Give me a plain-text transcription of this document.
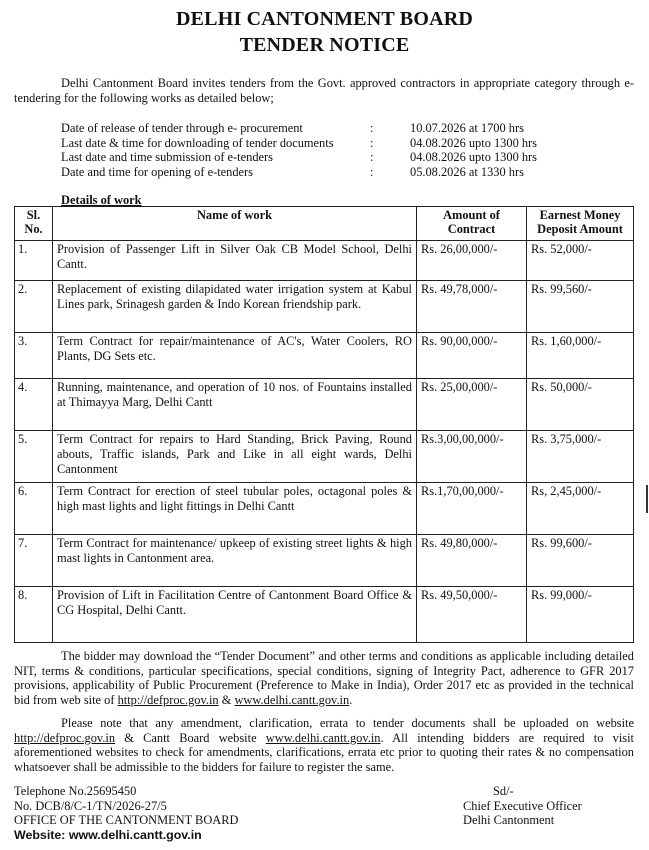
DELHI CANTONMENT BOARD
TENDER NOTICE
Delhi Cantonment Board invites tenders from the Govt. approved contractors in appropriate category through e-tendering for the following works as detailed below;
Date of release of tender through e- procurement	:	10.07.2026 at 1700 hrs
Last date & time for downloading of tender documents	:	04.08.2026 upto 1300 hrs
Last date and time submission of e-tenders	:	04.08.2026 upto 1300 hrs
Date and time for opening of e-tenders	:	05.08.2026 at 1330 hrs
Details of work
Sl. No.	Name of work	Amount of Contract	Earnest Money Deposit Amount
1.	Provision of Passenger Lift in Silver Oak CB Model School, Delhi Cantt.	Rs. 26,00,000/-	Rs. 52,000/-
2.	Replacement of existing dilapidated water irrigation system at Kabul Lines park, Srinagesh garden & Indo Korean friendship park.	Rs. 49,78,000/-	Rs. 99,560/-
3.	Term Contract for repair/maintenance of AC's, Water Coolers, RO Plants, DG Sets etc.	Rs. 90,00,000/-	Rs. 1,60,000/-
4.	Running, maintenance, and operation of 10 nos. of Fountains installed at Thimayya Marg, Delhi Cantt	Rs. 25,00,000/-	Rs. 50,000/-
5.	Term Contract for repairs to Hard Standing, Brick Paving, Round abouts, Traffic islands, Park and Like in all eight wards, Delhi Cantonment	Rs.3,00,00,000/-	Rs. 3,75,000/-
6.	Term Contract for erection of steel tubular poles, octagonal poles & high mast lights and light fittings in Delhi Cantt	Rs.1,70,00,000/-	Rs, 2,45,000/-
7.	Term Contract for maintenance/ upkeep of existing street lights & high mast lights in Cantonment area.	Rs. 49,80,000/-	Rs. 99,600/-
8.	Provision of Lift in Facilitation Centre of Cantonment Board Office & CG Hospital, Delhi Cantt.	Rs. 49,50,000/-	Rs. 99,000/-
The bidder may download the “Tender Document” and other terms and conditions as applicable including detailed NIT, terms & conditions, particular specifications, special conditions, signing of Integrity Pact, adherence to GFR 2017 provisions, applicability of Public Procurement (Preference to Make in India), Order 2017 etc as provided in the technical bid from web site of http://defproc.gov.in & www.delhi.cantt.gov.in.
Please note that any amendment, clarification, errata to tender documents shall be uploaded on website http://defproc.gov.in & Cantt Board website www.delhi.cantt.gov.in. All intending bidders are required to visit aforementioned websites to check for amendments, clarifications, errata etc prior to quoting their rates & no compensation whatsoever shall be admissible to the bidders for failure to register the same.
Telephone No.25695450
No. DCB/8/C-1/TN/2026-27/5
OFFICE OF THE CANTONMENT BOARD
Website: www.delhi.cantt.gov.in
Sd/-
Chief Executive Officer
Delhi Cantonment
